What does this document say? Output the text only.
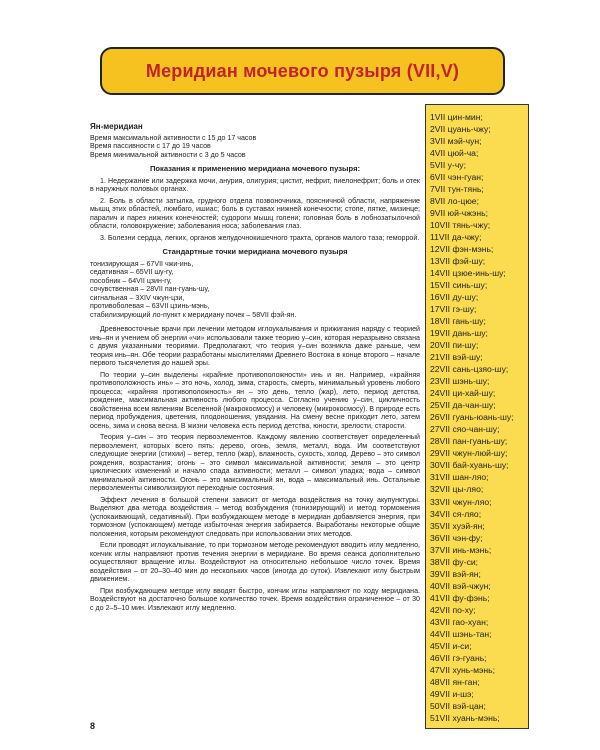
Меридиан мочевого пузыря (VII,V)

Ян-меридиан

Время максимальной активности с 15 до 17 часов

Время пассивности с 17 до 19 часов

Время минимальной активности с 3 до 5 часов

Показания к применению меридиана мочевого пузыря:

1. Недержание или задержка мочи, анурия, олигурия; цистит, нефрит, пиелонефрит; боль и отек в наружных половых органах.

2. Боль в области затылка, грудного отдела позвоночника, поясничной области, напряжение мышц этих областей, люмбаго, ишиас; боль в суставах нижней конечности; стопе, пятке, мизинце; паралич и парез нижних конечностей; судороги мышц голени; головная боль в лобнозатылочной области, головокружение; заболевания носа; заболевания глаз.

3. Болезни сердца, легких, органов желудочнокишечного тракта, органов малого таза; геморрой.

Стандартные точки меридиана мочевого пузыря

тонизирующая – 67VII чжи-инь,

седативная – 65VII шу-гу,

пособник – 64VII цзин-гу,

сочувственная – 28VII пан-гуань-шу,

сигнальная – 3XIV чжун-цзи,

противоболевая – 63VII цзинь-мэнь,

стабилизирующий ло-пункт к меридиану почек – 58VII фэй-ян.

Древневосточные врачи при лечении методом иглоукалывания и прижигания наряду с теорией инь–ян и учением об энергии «чи» использовали также теорию у–син, которая неразрывно связана с двумя указанными теориями. Предполагают, что теория у–син возникла даже раньше, чем теория инь–ян. Обе теории разработаны мыслителями Древнего Востока в конце второго – начале первого тысячелетия до нашей эры.

По теории у–син выделены «крайние противоположности» инь и ян. Например, «крайняя противоположность инь» – это ночь, холод, зима, старость, смерть, минимальный уровень любого процесса; «крайняя противоположность» ян – это день, тепло (жар), лето, период детства, рождение, максимальная активность любого процесса. Согласно учению у–син, цикличность свойственна всем явлениям Вселенной (макрокосмосу) и человеку (микрокосмосу). В природе есть период пробуждения, цветения, плодоношения, увядания. На смену весне приходит лето, затем осень, зима и снова весна. В жизни человека есть период детства, юности, зрелости, старости.

Теория у–син – это теория первоэлементов. Каждому явлению соответствует определенный первоэлемент, которых всего пять: дерево, огонь, земля, металл, вода. Им соответствуют следующие энергии (стихии) – ветер, тепло (жар), влажность, сухость, холод. Дерево – это символ рождения, возрастания; огонь – это символ максимальной активности; земля – это центр циклических изменений и начало спада активности; металл – символ упадка; вода – символ минимальной активности. Огонь – это максимальный ян, вода – максимальный инь. Остальные первоэлементы символизируют переходные состояния.

Эффект лечения в большой степени зависит от метода воздействия на точку акупунктуры. Выделяют два метода воздействия – метод возбуждения (тонизирующий) и метод торможения (успокаивающий, седативный). При возбуждающем методе в меридиан добавляется энергия, при тормозном (успокающем) методе избыточная энергия забирается. Выработаны некоторые общие положения, которым рекомендуют следовать при использовании этих методов.

Если проводят иглоукалывание, то при тормозном методе рекомендуют вводить иглу медленно, кончик иглы направляют против течения энергии в меридиане. Во время сеанса дополнительно осуществляют вращение иглы. Воздействуют на относительно небольшое число точек. Время воздействия – от 20–30–40 мин до нескольких часов (иногда до суток). Извлекают иглу быстрым движением.

При возбуждающем методе иглу вводят быстро, кончик иглы направляют по ходу меридиана. Воздействуют на достаточно большое количество точек. Время воздействия ограниченное – от 30 с до 2–5–10 мин. Извлекают иглу медленно.

1VII цин-мин;
2VII цуань-чжу;
3VII мэй-чун;
4VII цюй-ча;
5VII у-чу;
6VII чэн-гуан;
7VII тун-тянь;
8VII ло-цюе;
9VII юй-чжэнь;
10VII тянь-чжу;
11VII да-чжу;
12VII фэн-мэнь;
13VII фэй-шу;
14VII цзюе-инь-шу;
15VII синь-шу;
16VII ду-шу;
17VII гэ-шу;
18VII гань-шу;
19VII дань-шу;
20VII пи-шу;
21VII вэй-шу;
22VII сань-цзяо-шу;
23VII шэнь-шу;
24VII ци-хай-шу;
25VII да-чан-шу;
26VII гуань-юань-шу;
27VII сяо-чан-шу;
28VII пан-гуань-шу;
29VII чжун-люй-шу;
30VII бай-хуань-шу;
31VII шан-ляо;
32VII цы-ляо;
33VII чжун-ляо;
34VII ся-ляо;
35VII хуэй-ян;
36VII чэн-фу;
37VII инь-мэнь;
38VII фу-си;
39VII вэй-ян;
40VII вэй-чжун;
41VII фу-фэнь;
42VII по-ху;
43VII гао-хуан;
44VII шэнь-тан;
45VII и-си;
46VII гэ-гуань;
47VII хунь-мэнь;
48VII ян-ган;
49VII и-шэ;
50VII вэй-цан;
51VII хуань-мэнь;
8
